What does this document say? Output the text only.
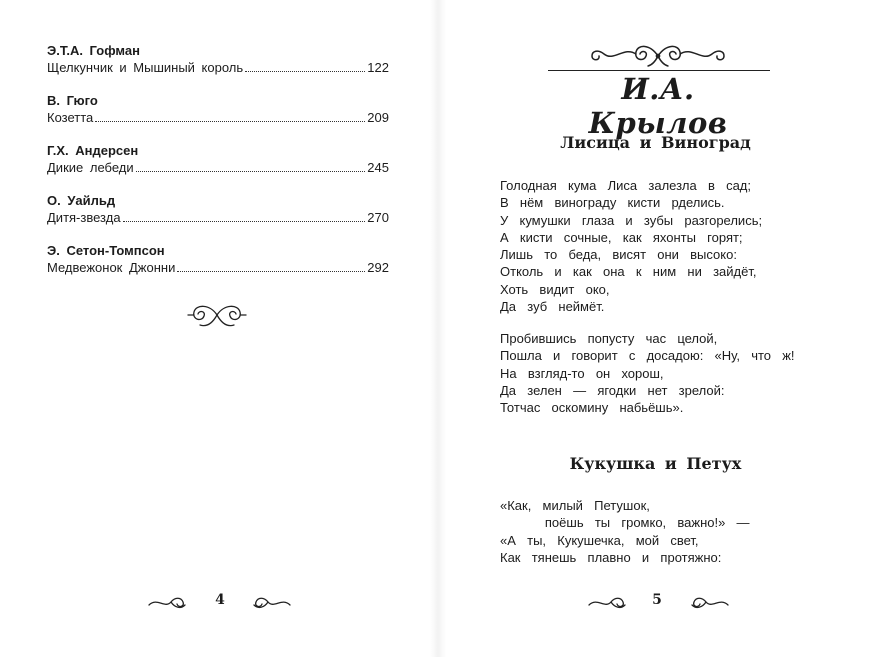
Э.Т.А. Гофман
Щелкунчик и Мышиный король	122
В. Гюго
Козетта	209
Г.Х. Андерсен
Дикие лебеди	245
О. Уайльд
Дитя-звезда	270
Э. Сетон-Томпсон
Медвежонок Джонни	292
4
И.А. Крылов
Лисица и Виноград
Голодная  кума  Лиса  залезла  в  сад;
В  нём  винограду  кисти  рделись.
У  кумушки  глаза  и  зубы  разгорелись;
А  кисти  сочные,  как  яхонты  горят;
Лишь  то  беда,  висят  они  высоко:
Отколь  и  как  она  к  ним  ни  зайдёт,
Хоть  видит  око,
Да  зуб  неймёт.
Пробившись  попусту  час  целой,
Пошла  и  говорит  с  досадою:  «Ну,  что  ж!
На  взгляд-то  он  хорош,
Да  зелен  —  ягодки  нет  зрелой:
Тотчас  оскомину  набьёшь».
Кукушка и Петух
«Как,  милый  Петушок,
поёшь  ты  громко,  важно!»  —
«А  ты,  Кукушечка,  мой  свет,
Как  тянешь  плавно  и  протяжно:
5
